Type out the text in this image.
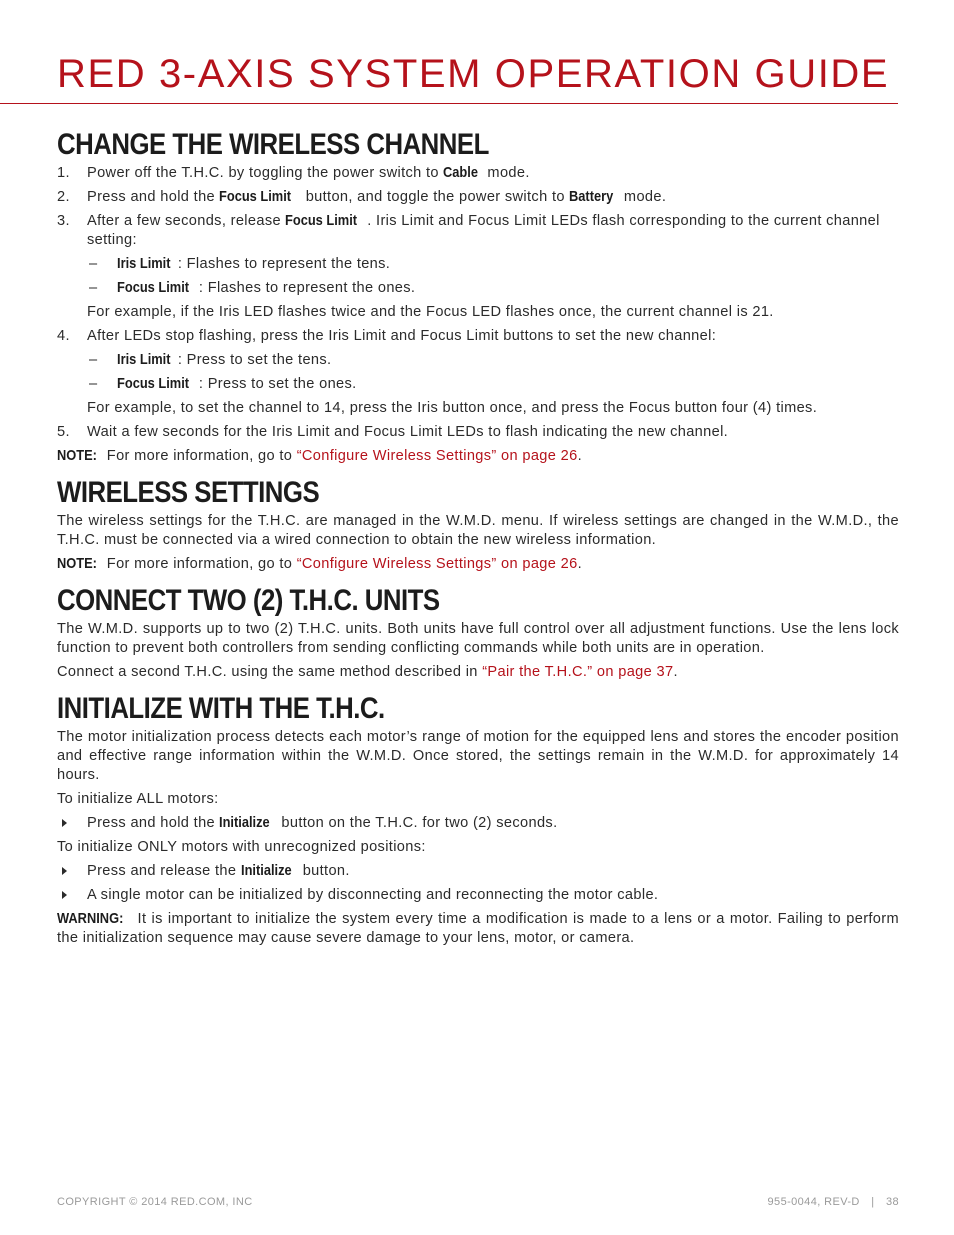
RED 3-AXIS SYSTEM OPERATION GUIDE
CHANGE THE WIRELESS CHANNEL
1. Power off the T.H.C. by toggling the power switch to Cable mode.
2. Press and hold the Focus Limit button, and toggle the power switch to Battery mode.
3. After a few seconds, release Focus Limit . Iris Limit and Focus Limit LEDs flash corresponding to the current channel setting:
– Iris Limit : Flashes to represent the tens.
– Focus Limit : Flashes to represent the ones.

For example, if the Iris LED flashes twice and the Focus LED flashes once, the current channel is 21.

4. After LEDs stop flashing, press the Iris Limit and Focus Limit buttons to set the new channel:
– Iris Limit : Press to set the tens.
– Focus Limit : Press to set the ones.

For example, to set the channel to 14, press the Iris button once, and press the Focus button four (4) times.

5. Wait a few seconds for the Iris Limit and Focus Limit LEDs to flash indicating the new channel.

NOTE: For more information, go to “Configure Wireless Settings” on page 26.

WIRELESS SETTINGS

The wireless settings for the T.H.C. are managed in the W.M.D. menu. If wireless settings are changed in the W.M.D., the T.H.C. must be connected via a wired connection to obtain the new wireless information.

NOTE: For more information, go to “Configure Wireless Settings” on page 26.

CONNECT TWO (2) T.H.C. UNITS

The W.M.D. supports up to two (2) T.H.C. units. Both units have full control over all adjustment functions. Use the lens lock function to prevent both controllers from sending conflicting commands while both units are in operation.

Connect a second T.H.C. using the same method described in “Pair the T.H.C.” on page 37.

INITIALIZE WITH THE T.H.C.

The motor initialization process detects each motor’s range of motion for the equipped lens and stores the encoder position and effective range information within the W.M.D. Once stored, the settings remain in the W.M.D. for approximately 14 hours.

To initialize ALL motors:

Press and hold the Initialize button on the T.H.C. for two (2) seconds.

To initialize ONLY motors with unrecognized positions:

Press and release the Initialize button.
A single motor can be initialized by disconnecting and reconnecting the motor cable.

WARNING: It is important to initialize the system every time a modification is made to a lens or a motor. Failing to perform the initialization sequence may cause severe damage to your lens, motor, or camera.

COPYRIGHT © 2014 RED.COM, INC	955-0044, REV-D | 38
